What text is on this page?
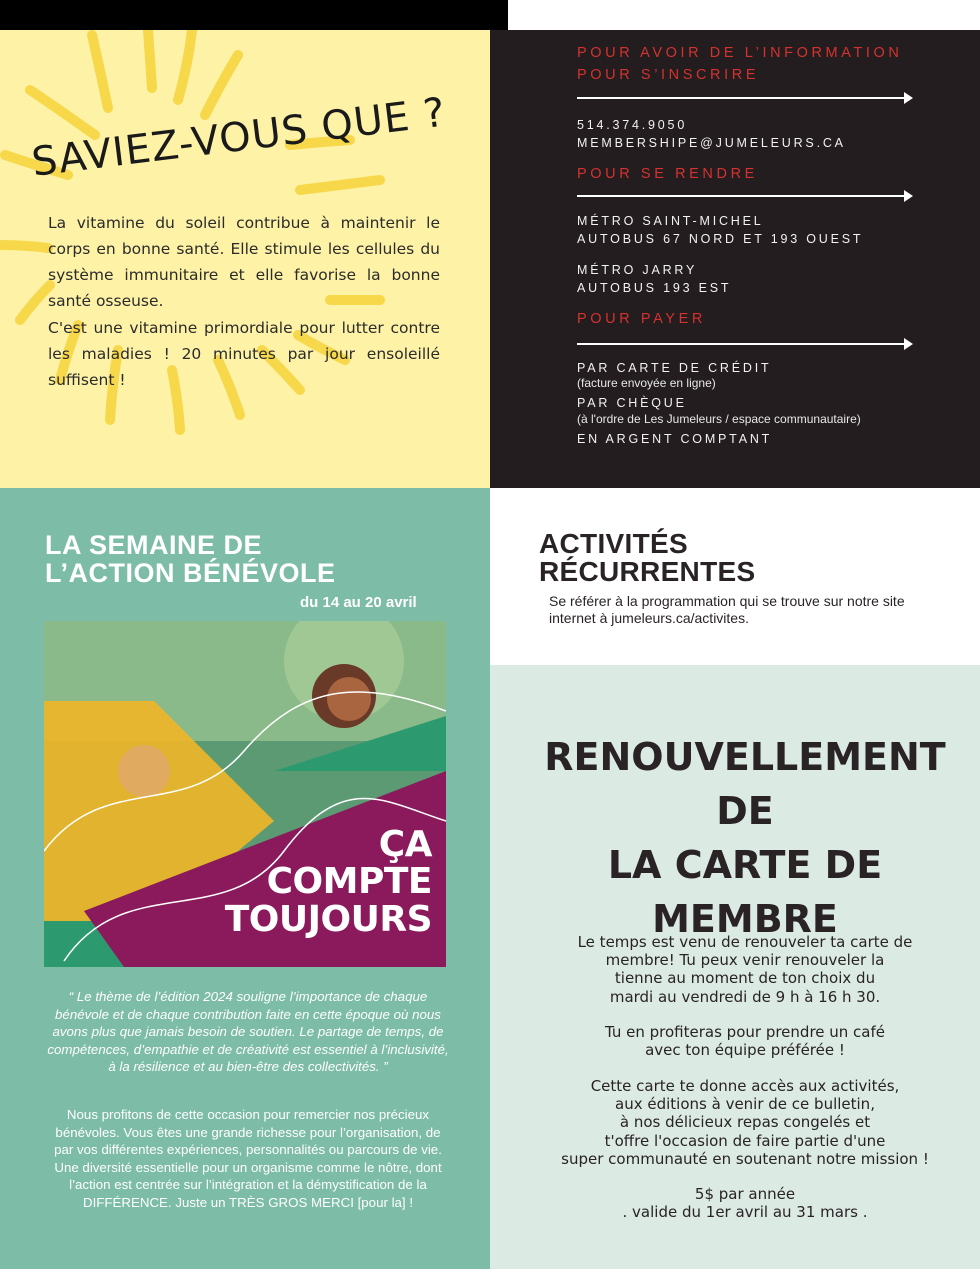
SAVIEZ-VOUS QUE ?

La vitamine du soleil contribue à maintenir le corps en bonne santé. Elle stimule les cellules du système immunitaire et elle favorise la bonne santé osseuse.

C'est une vitamine primordiale pour lutter contre les maladies ! 20 minutes par jour ensoleillé suffisent !

POUR AVOIR DE L’INFORMATION
POUR S’INSCRIRE
514.374.9050
MEMBERSHIPE@JUMELEURS.CA
POUR SE RENDRE
MÉTRO SAINT-MICHEL
AUTOBUS 67 NORD ET 193 OUEST
MÉTRO JARRY
AUTOBUS 193 EST
POUR PAYER
PAR CARTE DE CRÉDIT
(facture envoyée en ligne)
PAR CHÈQUE
(à l'ordre de Les Jumeleurs / espace communautaire)
EN ARGENT COMPTANT
LA SEMAINE DE
L’ACTION BÉNÉVOLE
du 14 au 20 avril
ÇA
COMPTE
TOUJOURS

“ Le thème de l’édition 2024 souligne l’importance de chaque bénévole et de chaque contribution faite en cette époque où nous avons plus que jamais besoin de soutien. Le partage de temps, de compétences, d’empathie et de créativité est essentiel à l’inclusivité, à la résilience et au bien-être des collectivités. ”

Nous profitons de cette occasion pour remercier nos précieux bénévoles. Vous êtes une grande richesse pour l’organisation, de par vos différentes expériences, personnalités ou parcours de vie. Une diversité essentielle pour un organisme comme le nôtre, dont l’action est centrée sur l’intégration et la démystification de la DIFFÉRENCE. Juste un TRÈS GROS MERCI [pour la] !

ACTIVITÉS
RÉCURRENTES

Se référer à la programmation qui se trouve sur notre site internet à jumeleurs.ca/activites.

RENOUVELLEMENT DE
LA CARTE DE
MEMBRE

Le temps est venu de renouveler ta carte de
membre! Tu peux venir renouveler la
tienne au moment de ton choix du
mardi au vendredi de 9 h à 16 h 30.

Tu en profiteras pour prendre un café
avec ton équipe préférée !

Cette carte te donne accès aux activités,
aux éditions à venir de ce bulletin,
à nos délicieux repas congelés et
t'offre l'occasion de faire partie d'une
super communauté en soutenant notre mission !

5$ par année
. valide du 1er avril au 31 mars .
